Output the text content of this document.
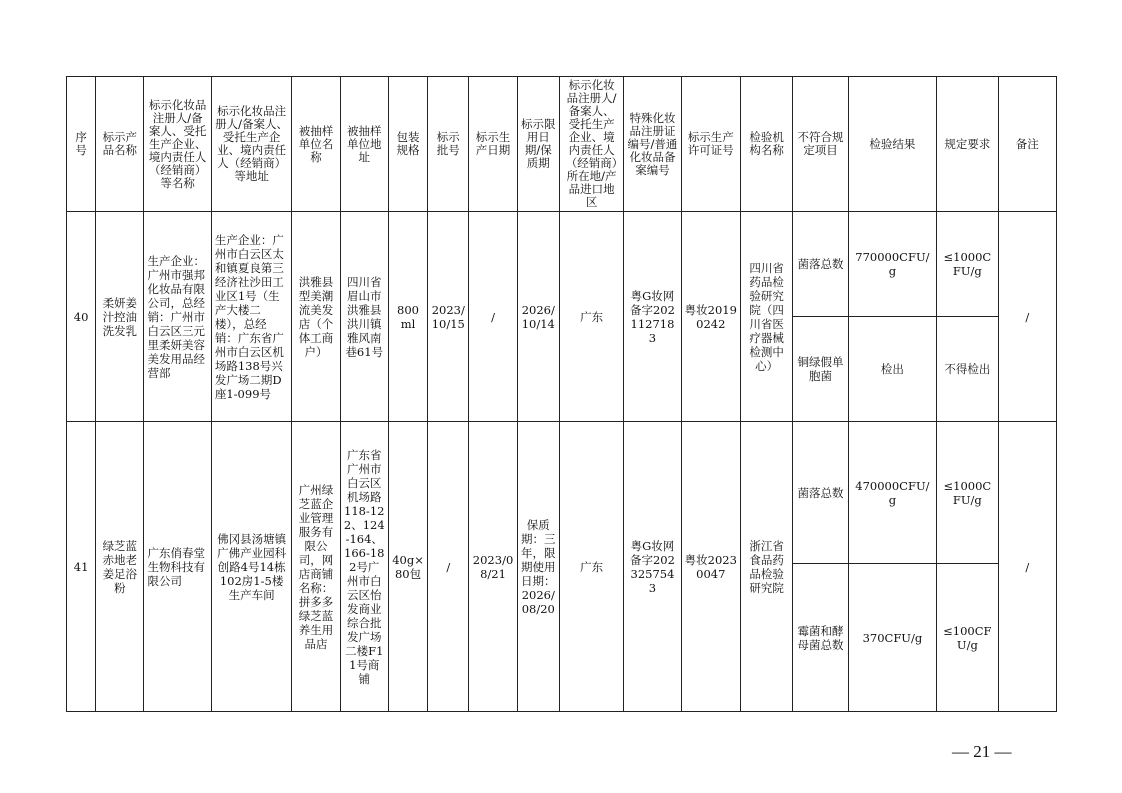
序号	标示产品名称	标示化妆品注册人/备案人、受托生产企业、境内责任人（经销商）等名称	标示化妆品注册人/备案人、受托生产企业、境内责任人（经销商）等地址	被抽样单位名称	被抽样单位地址	包装规格	标示批号	标示生产日期	标示限用日期/保质期	标示化妆品注册人/备案人、受托生产企业、境内责任人（经销商）所在地/产品进口地区	特殊化妆品注册证编号/普通化妆品备案编号	标示生产许可证号	检验机构名称	不符合规定项目	检验结果	规定要求	备注
40	柔妍姜汁控油洗发乳	生产企业：广州市强邦化妆品有限公司，总经销：广州市白云区三元里柔妍美容美发用品经营部	生产企业：广州市白云区太和镇夏良第三经济社沙田工业区1号（生产大楼二楼），总经销：广东省广州市白云区机场路138号兴发广场二期D座1-099号	洪雅县型美潮流美发店（个体工商户）	四川省眉山市洪雅县洪川镇雅风南巷61号	800ml	2023/10/15	/	2026/10/14	广东	粤G妆网备字2021127183	粤妆20190242	四川省药品检验研究院（四川省医疗器械检测中心）	菌落总数	770000CFU/g	≤1000CFU/g	/
														铜绿假单胞菌	检出	不得检出	
41	绿芝蓝赤地老姜足浴粉	广东俏春堂生物科技有限公司	佛冈县汤塘镇广佛产业园科创路4号14栋102房1-5楼生产车间	广州绿芝蓝企业管理服务有限公司，网店商铺名称：拼多多绿芝蓝养生用品店	广东省广州市白云区机场路118-122、124-164、166-182号广州市白云区怡发商业综合批发广场二楼F11号商铺	40g×80包	/	2023/08/21	保质期：三年，限期使用日期：2026/08/20	广东	粤G妆网备字2023257543	粤妆20230047	浙江省食品药品检验研究院	菌落总数	470000CFU/g	≤1000CFU/g	/
														霉菌和酵母菌总数	370CFU/g	≤100CFU/g	
— 21 —
